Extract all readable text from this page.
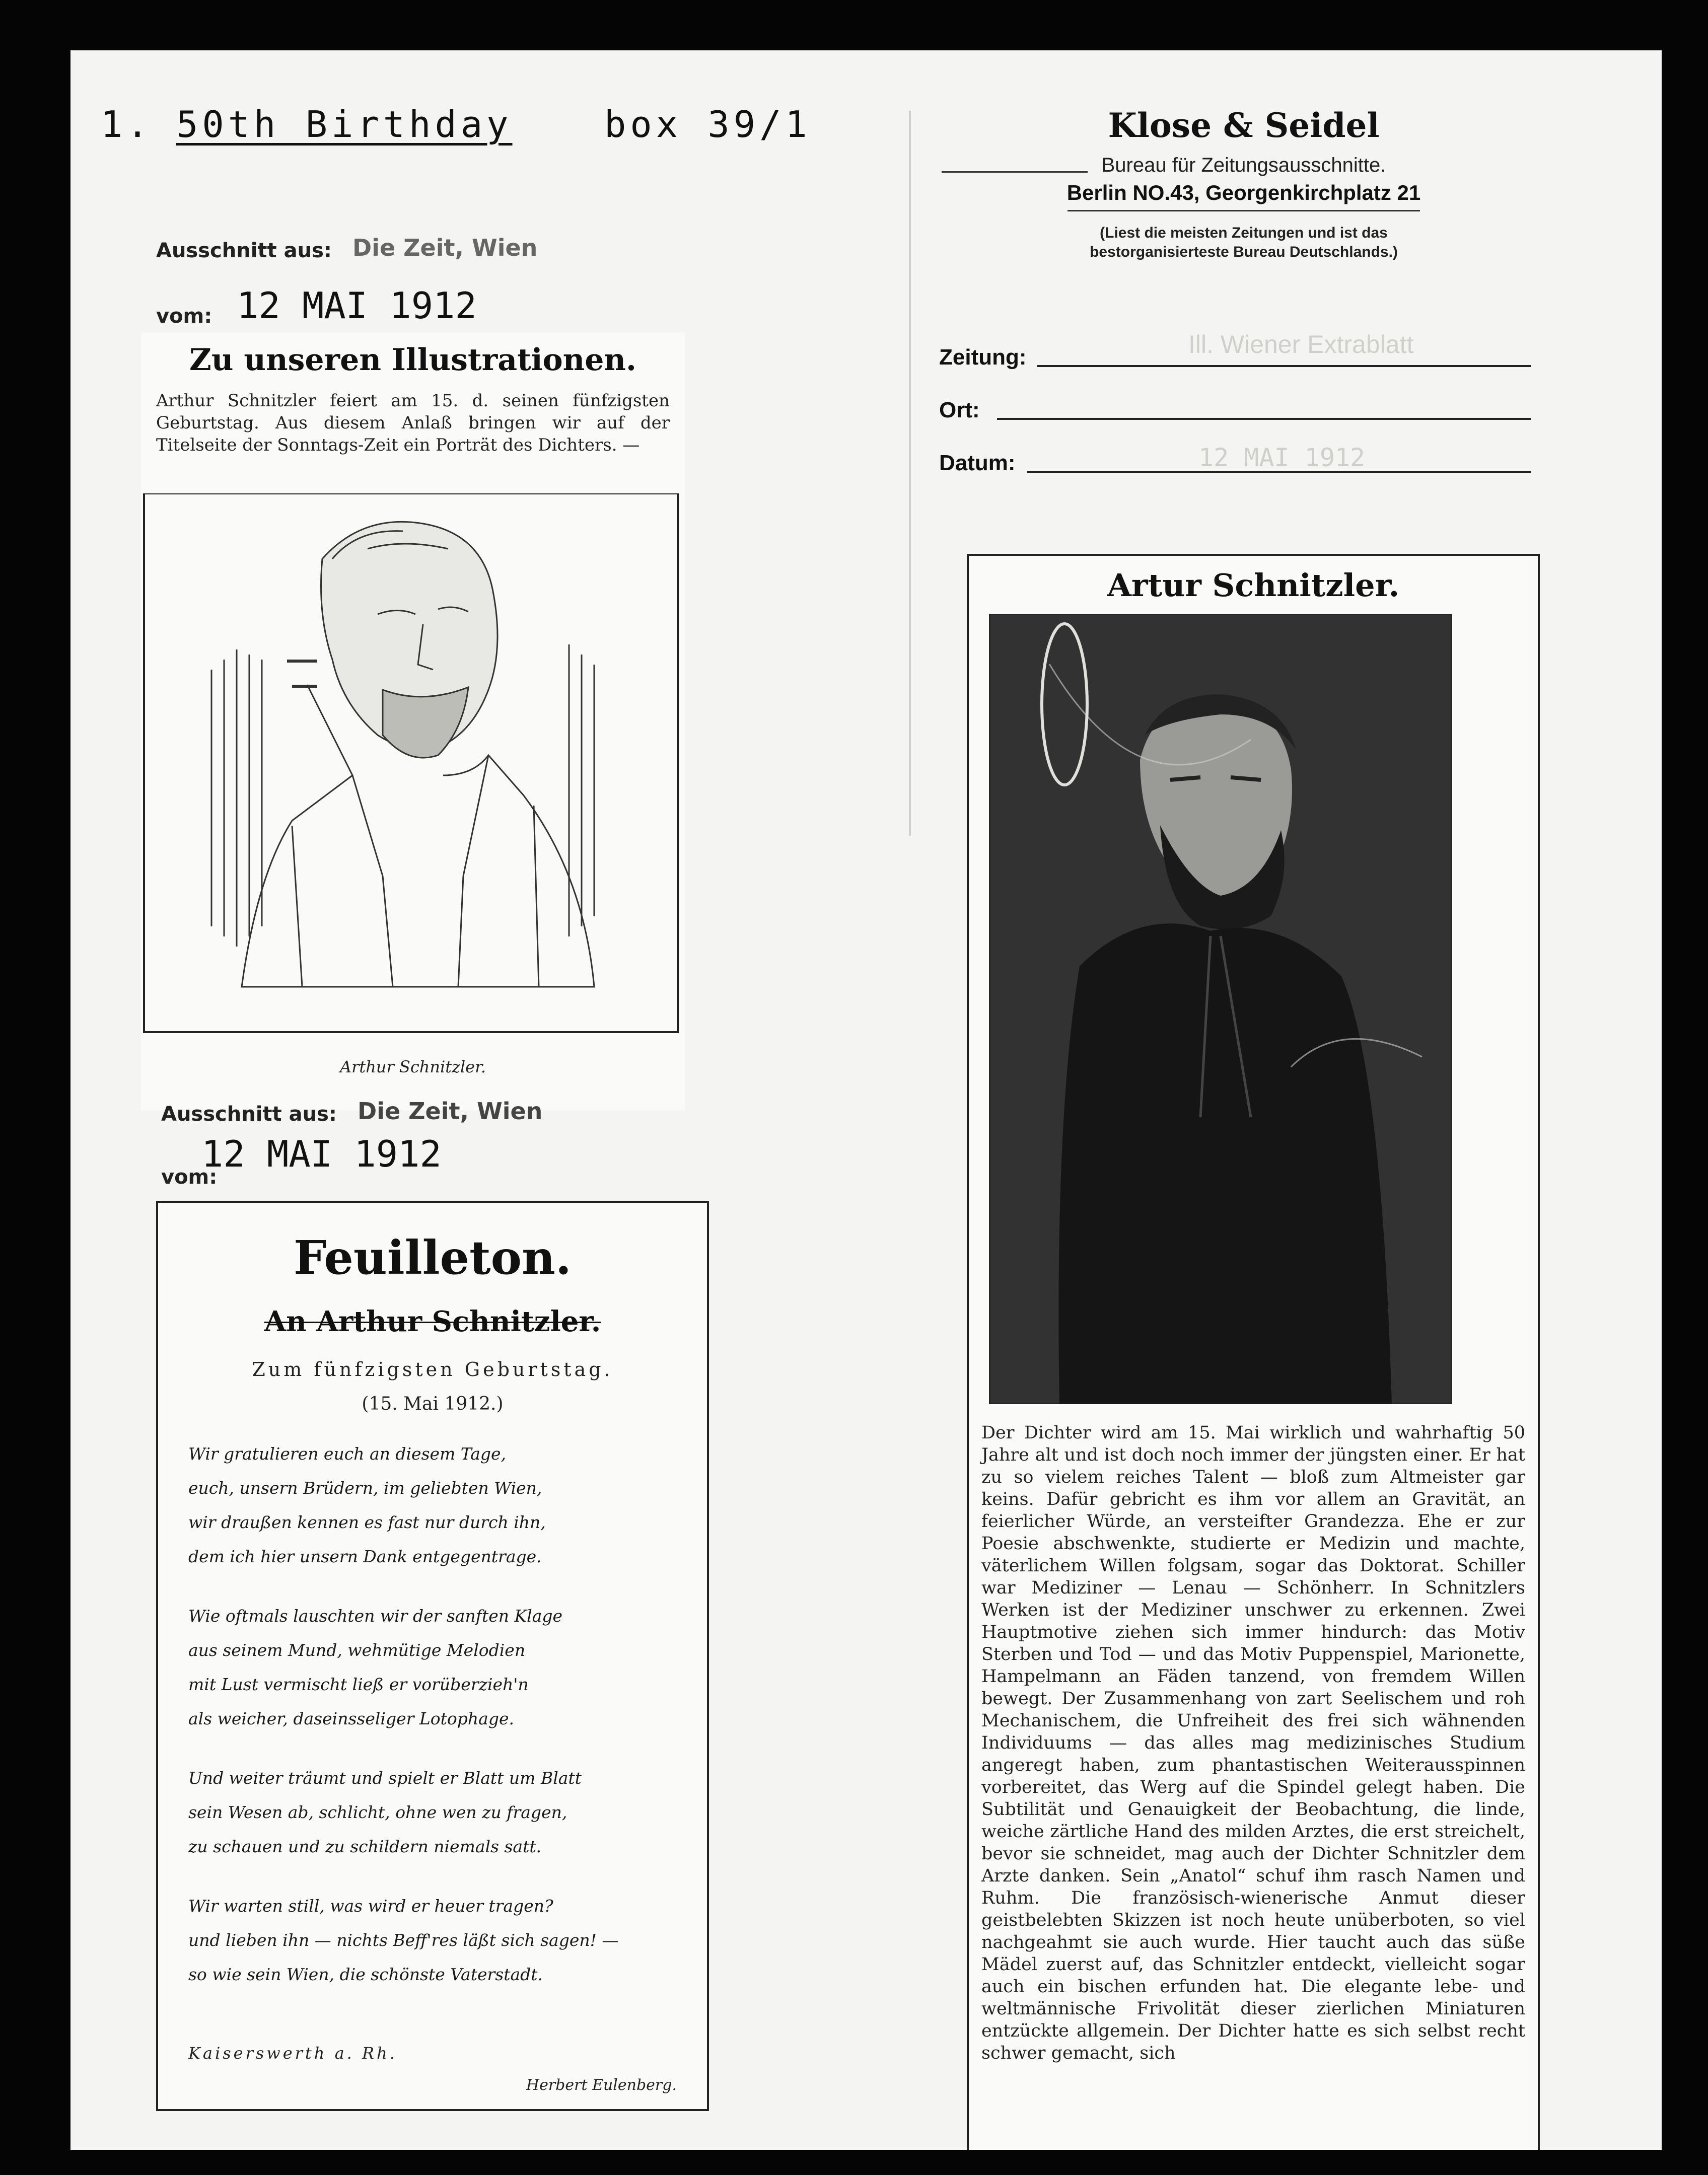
1. 50th Birthday	box 39/1	Klose & Seidel
Bureau für Zeitungsausschnitte.
Berlin NO.43, Georgenkirchplatz 21
(Liest die meisten Zeitungen und ist das
bestorganisierteste Bureau Deutschlands.)
Zeitung:	Ill. Wiener Extrablatt
Ort:
Datum:	12 MAI 1912
Ausschnitt aus: Die Zeit, Wien
vom: 12 MAI 1912
Zu unseren Illustrationen.
Arthur Schnitzler feiert am 15. d. seinen fünfzigsten Geburtstag. Aus diesem Anlaß bringen wir auf der Titelseite der Sonntags-Zeit ein Porträt des Dichters. —
Arthur Schnitzler.
Ausschnitt aus: Die Zeit, Wien
12 MAI 1912
vom:
Feuilleton.
An Arthur Schnitzler.
Zum fünfzigsten Geburtstag.
(15. Mai 1912.)
Wir gratulieren euch an diesem Tage,
euch, unsern Brüdern, im geliebten Wien,
wir draußen kennen es fast nur durch ihn,
dem ich hier unsern Dank entgegentrage.
Wie oftmals lauschten wir der sanften Klage
aus seinem Mund, wehmütige Melodien
mit Lust vermischt ließ er vorüberzieh'n
als weicher, daseinsseliger Lotophage.
Und weiter träumt und spielt er Blatt um Blatt
sein Wesen ab, schlicht, ohne wen zu fragen,
zu schauen und zu schildern niemals satt.
Wir warten still, was wird er heuer tragen?
und lieben ihn — nichts Beff'res läßt sich sagen! —
so wie sein Wien, die schönste Vaterstadt.
Kaiserswerth a. Rh.
Herbert Eulenberg.
Artur Schnitzler.
Der Dichter wird am 15. Mai wirklich und wahrhaftig 50 Jahre alt und ist doch noch immer der jüngsten einer. Er hat zu so vielem reiches Talent — bloß zum Altmeister gar keins. Dafür gebricht es ihm vor allem an Gravität, an feierlicher Würde, an versteifter Grandezza. Ehe er zur Poesie abschwenkte, studierte er Medizin und machte, väterlichem Willen folgsam, sogar das Doktorat. Schiller war Mediziner — Lenau — Schönherr. In Schnitzlers Werken ist der Mediziner unschwer zu erkennen. Zwei Hauptmotive ziehen sich immer hindurch: das Motiv Sterben und Tod — und das Motiv Puppenspiel, Marionette, Hampelmann an Fäden tanzend, von fremdem Willen bewegt. Der Zusammenhang von zart Seelischem und roh Mechanischem, die Unfreiheit des frei sich wähnenden Individuums — das alles mag medizinisches Studium angeregt haben, zum phantastischen Weiterausspinnen vorbereitet, das Werg auf die Spindel gelegt haben. Die Subtilität und Genauigkeit der Beobachtung, die linde, weiche zärtliche Hand des milden Arztes, die erst streichelt, bevor sie schneidet, mag auch der Dichter Schnitzler dem Arzte danken. Sein „Anatol“ schuf ihm rasch Namen und Ruhm. Die französisch-wienerische Anmut dieser geistbelebten Skizzen ist noch heute unüberboten, so viel nachgeahmt sie auch wurde. Hier taucht auch das süße Mädel zuerst auf, das Schnitzler entdeckt, vielleicht sogar auch ein bischen erfunden hat. Die elegante lebe- und weltmännische Frivolität dieser zierlichen Miniaturen entzückte allgemein. Der Dichter hatte es sich selbst recht schwer gemacht, sich
